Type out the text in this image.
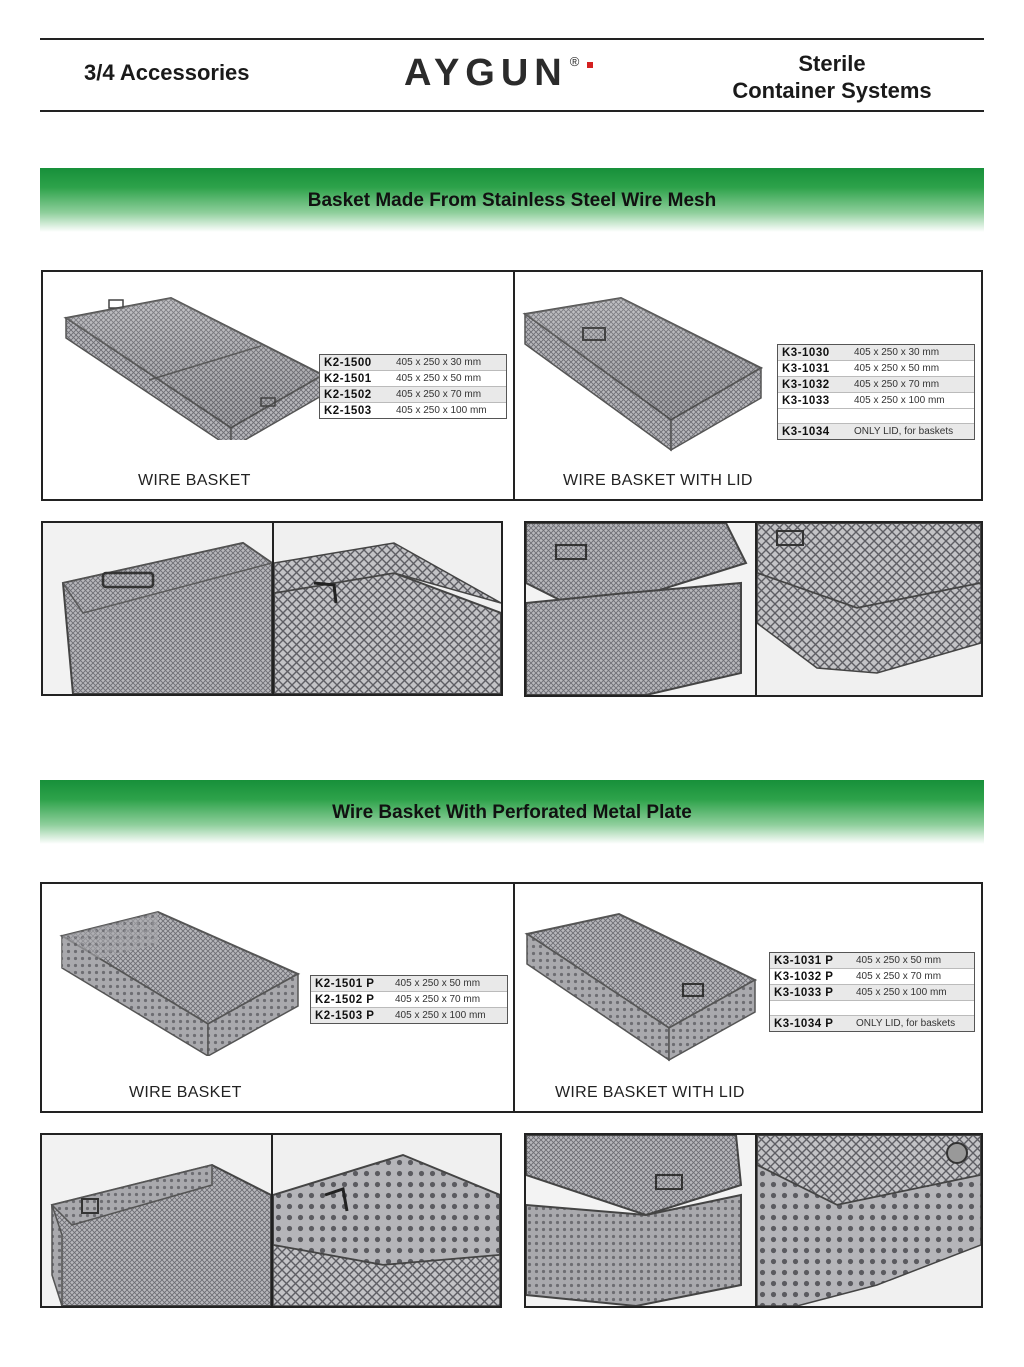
3/4 Accessories	AYGUN ®	Sterile
Container Systems
Basket Made From Stainless Steel Wire Mesh
K2-1500	405 x 250 x 30 mm
K2-1501	405 x 250 x 50 mm
K2-1502	405 x 250 x 70 mm
K2-1503	405 x 250 x 100 mm
WIRE BASKET
K3-1030	405 x 250 x 30 mm
K3-1031	405 x 250 x 50 mm
K3-1032	405 x 250 x 70 mm
K3-1033	405 x 250 x 100 mm
K3-1034	ONLY LID, for baskets
WIRE BASKET WITH LID
Wire Basket With Perforated Metal Plate
K2-1501 P	405 x 250 x 50 mm
K2-1502 P	405 x 250 x 70 mm
K2-1503 P	405 x 250 x 100 mm
WIRE BASKET
K3-1031 P	405 x 250 x 50 mm
K3-1032 P	405 x 250 x 70 mm
K3-1033 P	405 x 250 x 100 mm
K3-1034 P	ONLY LID, for baskets
WIRE BASKET WITH LID
